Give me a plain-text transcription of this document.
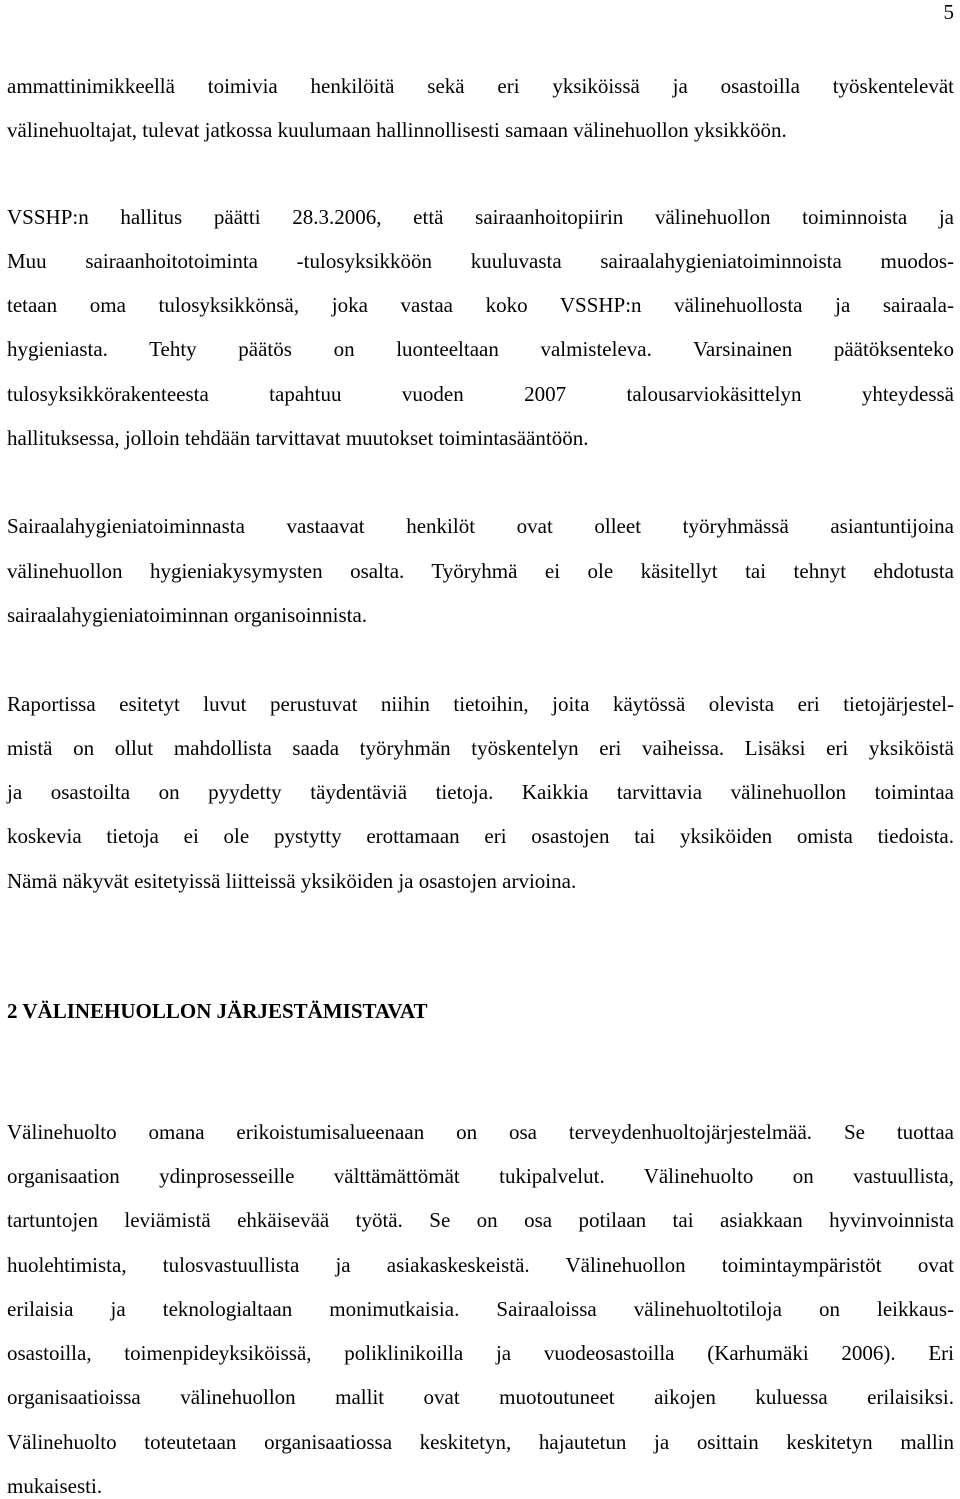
5
ammattinimikkeellä toimivia henkilöitä sekä eri yksiköissä ja osastoilla työskentelevät
välinehuoltajat, tulevat jatkossa kuulumaan hallinnollisesti samaan välinehuollon yksikköön.
VSSHP:n hallitus päätti 28.3.2006, että sairaanhoitopiirin välinehuollon toiminnoista ja
Muu sairaanhoitotoiminta -tulosyksikköön kuuluvasta sairaalahygieniatoiminnoista muodos-
tetaan oma tulosyksikkönsä, joka vastaa koko VSSHP:n välinehuollosta ja sairaala-
hygieniasta. Tehty päätös on luonteeltaan valmisteleva. Varsinainen päätöksenteko
tulosyksikkörakenteesta tapahtuu vuoden 2007 talousarviokäsittelyn yhteydessä
hallituksessa, jolloin tehdään tarvittavat muutokset toimintasääntöön.
Sairaalahygieniatoiminnasta vastaavat henkilöt ovat olleet työryhmässä asiantuntijoina
välinehuollon hygieniakysymysten osalta. Työryhmä ei ole käsitellyt tai tehnyt ehdotusta
sairaalahygieniatoiminnan organisoinnista.
Raportissa esitetyt luvut perustuvat niihin tietoihin, joita käytössä olevista eri tietojärjestel-
mistä on ollut mahdollista saada työryhmän työskentelyn eri vaiheissa. Lisäksi eri yksiköistä
ja osastoilta on pyydetty täydentäviä tietoja. Kaikkia tarvittavia välinehuollon toimintaa
koskevia tietoja ei ole pystytty erottamaan eri osastojen tai yksiköiden omista tiedoista.
Nämä näkyvät esitetyissä liitteissä yksiköiden ja osastojen arvioina.
2 VÄLINEHUOLLON JÄRJESTÄMISTAVAT
Välinehuolto omana erikoistumisalueenaan on osa terveydenhuoltojärjestelmää. Se tuottaa
organisaation ydinprosesseille välttämättömät tukipalvelut. Välinehuolto on vastuullista,
tartuntojen leviämistä ehkäisevää työtä. Se on osa potilaan tai asiakkaan hyvinvoinnista
huolehtimista, tulosvastuullista ja asiakaskeskeistä. Välinehuollon toimintaympäristöt ovat
erilaisia ja teknologialtaan monimutkaisia. Sairaaloissa välinehuoltotiloja on leikkaus-
osastoilla, toimenpideyksiköissä, poliklinikoilla ja vuodeosastoilla (Karhumäki 2006). Eri
organisaatioissa välinehuollon mallit ovat muotoutuneet aikojen kuluessa erilaisiksi.
Välinehuolto toteutetaan organisaatiossa keskitetyn, hajautetun ja osittain keskitetyn mallin
mukaisesti.
